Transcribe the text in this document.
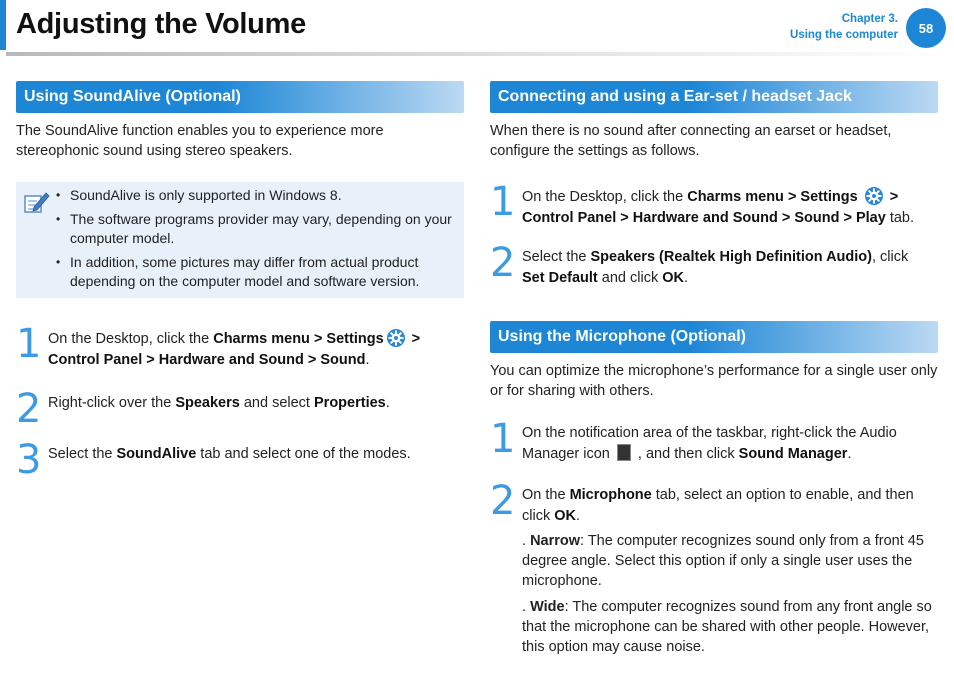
Adjusting the Volume	Chapter 3.
Using the computer	58
Using SoundAlive (Optional)

The SoundAlive function enables you to experience more stereophonic sound using stereo speakers.

• SoundAlive is only supported in Windows 8.
• The software programs provider may vary, depending on your computer model.
• In addition, some pictures may differ from actual product depending on the computer model and software version.
1 On the Desktop, click the Charms menu > Settings >
Control Panel > Hardware and Sound > Sound.

2 Right-click over the Speakers and select Properties.

3 Select the SoundAlive tab and select one of the modes.

Connecting and using a Ear-set / headset Jack

When there is no sound after connecting an earset or headset, configure the settings as follows.

1 On the Desktop, click the Charms menu > Settings >
Control Panel > Hardware and Sound > Sound > Play tab.

2 Select the Speakers (Realtek High Definition Audio), click
Set Default and click OK.

Using the Microphone (Optional)

You can optimize the microphone’s performance for a single user only or for sharing with others.

1 On the notification area of the taskbar, right-click the Audio Manager icon  , and then click Sound Manager.

2 On the Microphone tab, select an option to enable, and then click OK.

. Narrow: The computer recognizes sound only from a front 45 degree angle. Select this option if only a single user uses the microphone.

. Wide: The computer recognizes sound from any front angle so that the microphone can be shared with other people. However, this option may cause noise.
